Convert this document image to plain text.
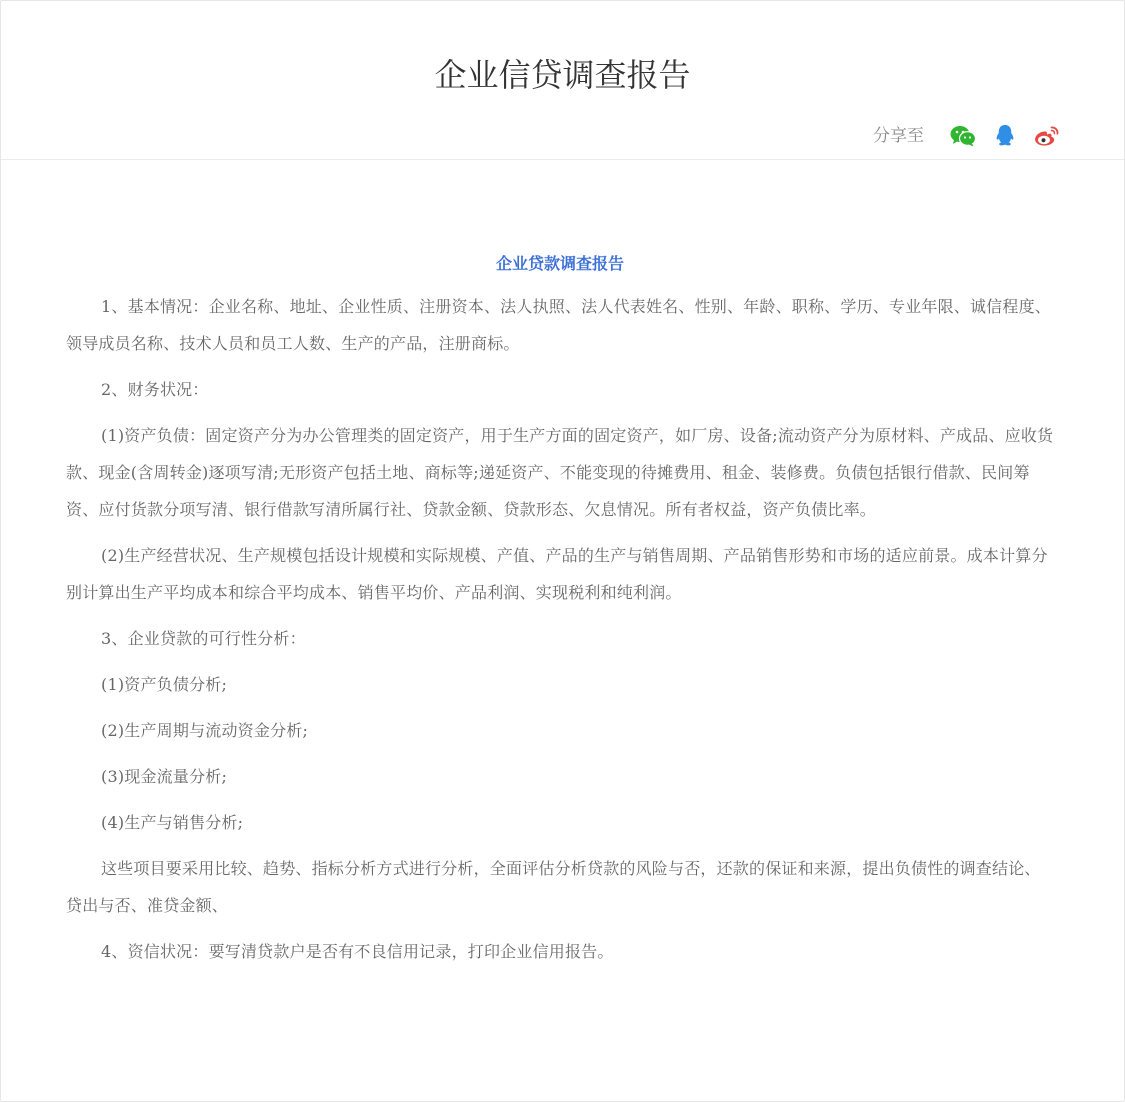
企业信贷调查报告
分享至
企业贷款调查报告

1、基本情况：企业名称、地址、企业性质、注册资本、法人执照、法人代表姓名、性别、年龄、职称、学历、专业年限、诚信程度、领导成员名称、技术人员和员工人数、生产的产品，注册商标。

2、财务状况：

(1)资产负债：固定资产分为办公管理类的固定资产，用于生产方面的固定资产，如厂房、设备;流动资产分为原材料、产成品、应收货款、现金(含周转金)逐项写清;无形资产包括土地、商标等;递延资产、不能变现的待摊费用、租金、装修费。负债包括银行借款、民间筹资、应付货款分项写清、银行借款写清所属行社、贷款金额、贷款形态、欠息情况。所有者权益，资产负债比率。

(2)生产经营状况、生产规模包括设计规模和实际规模、产值、产品的生产与销售周期、产品销售形势和市场的适应前景。成本计算分别计算出生产平均成本和综合平均成本、销售平均价、产品利润、实现税利和纯利润。

3、企业贷款的可行性分析：

(1)资产负债分析;

(2)生产周期与流动资金分析;

(3)现金流量分析;

(4)生产与销售分析;

这些项目要采用比较、趋势、指标分析方式进行分析，全面评估分析贷款的风险与否，还款的保证和来源，提出负债性的调查结论、贷出与否、准贷金额、

4、资信状况：要写清贷款户是否有不良信用记录，打印企业信用报告。
